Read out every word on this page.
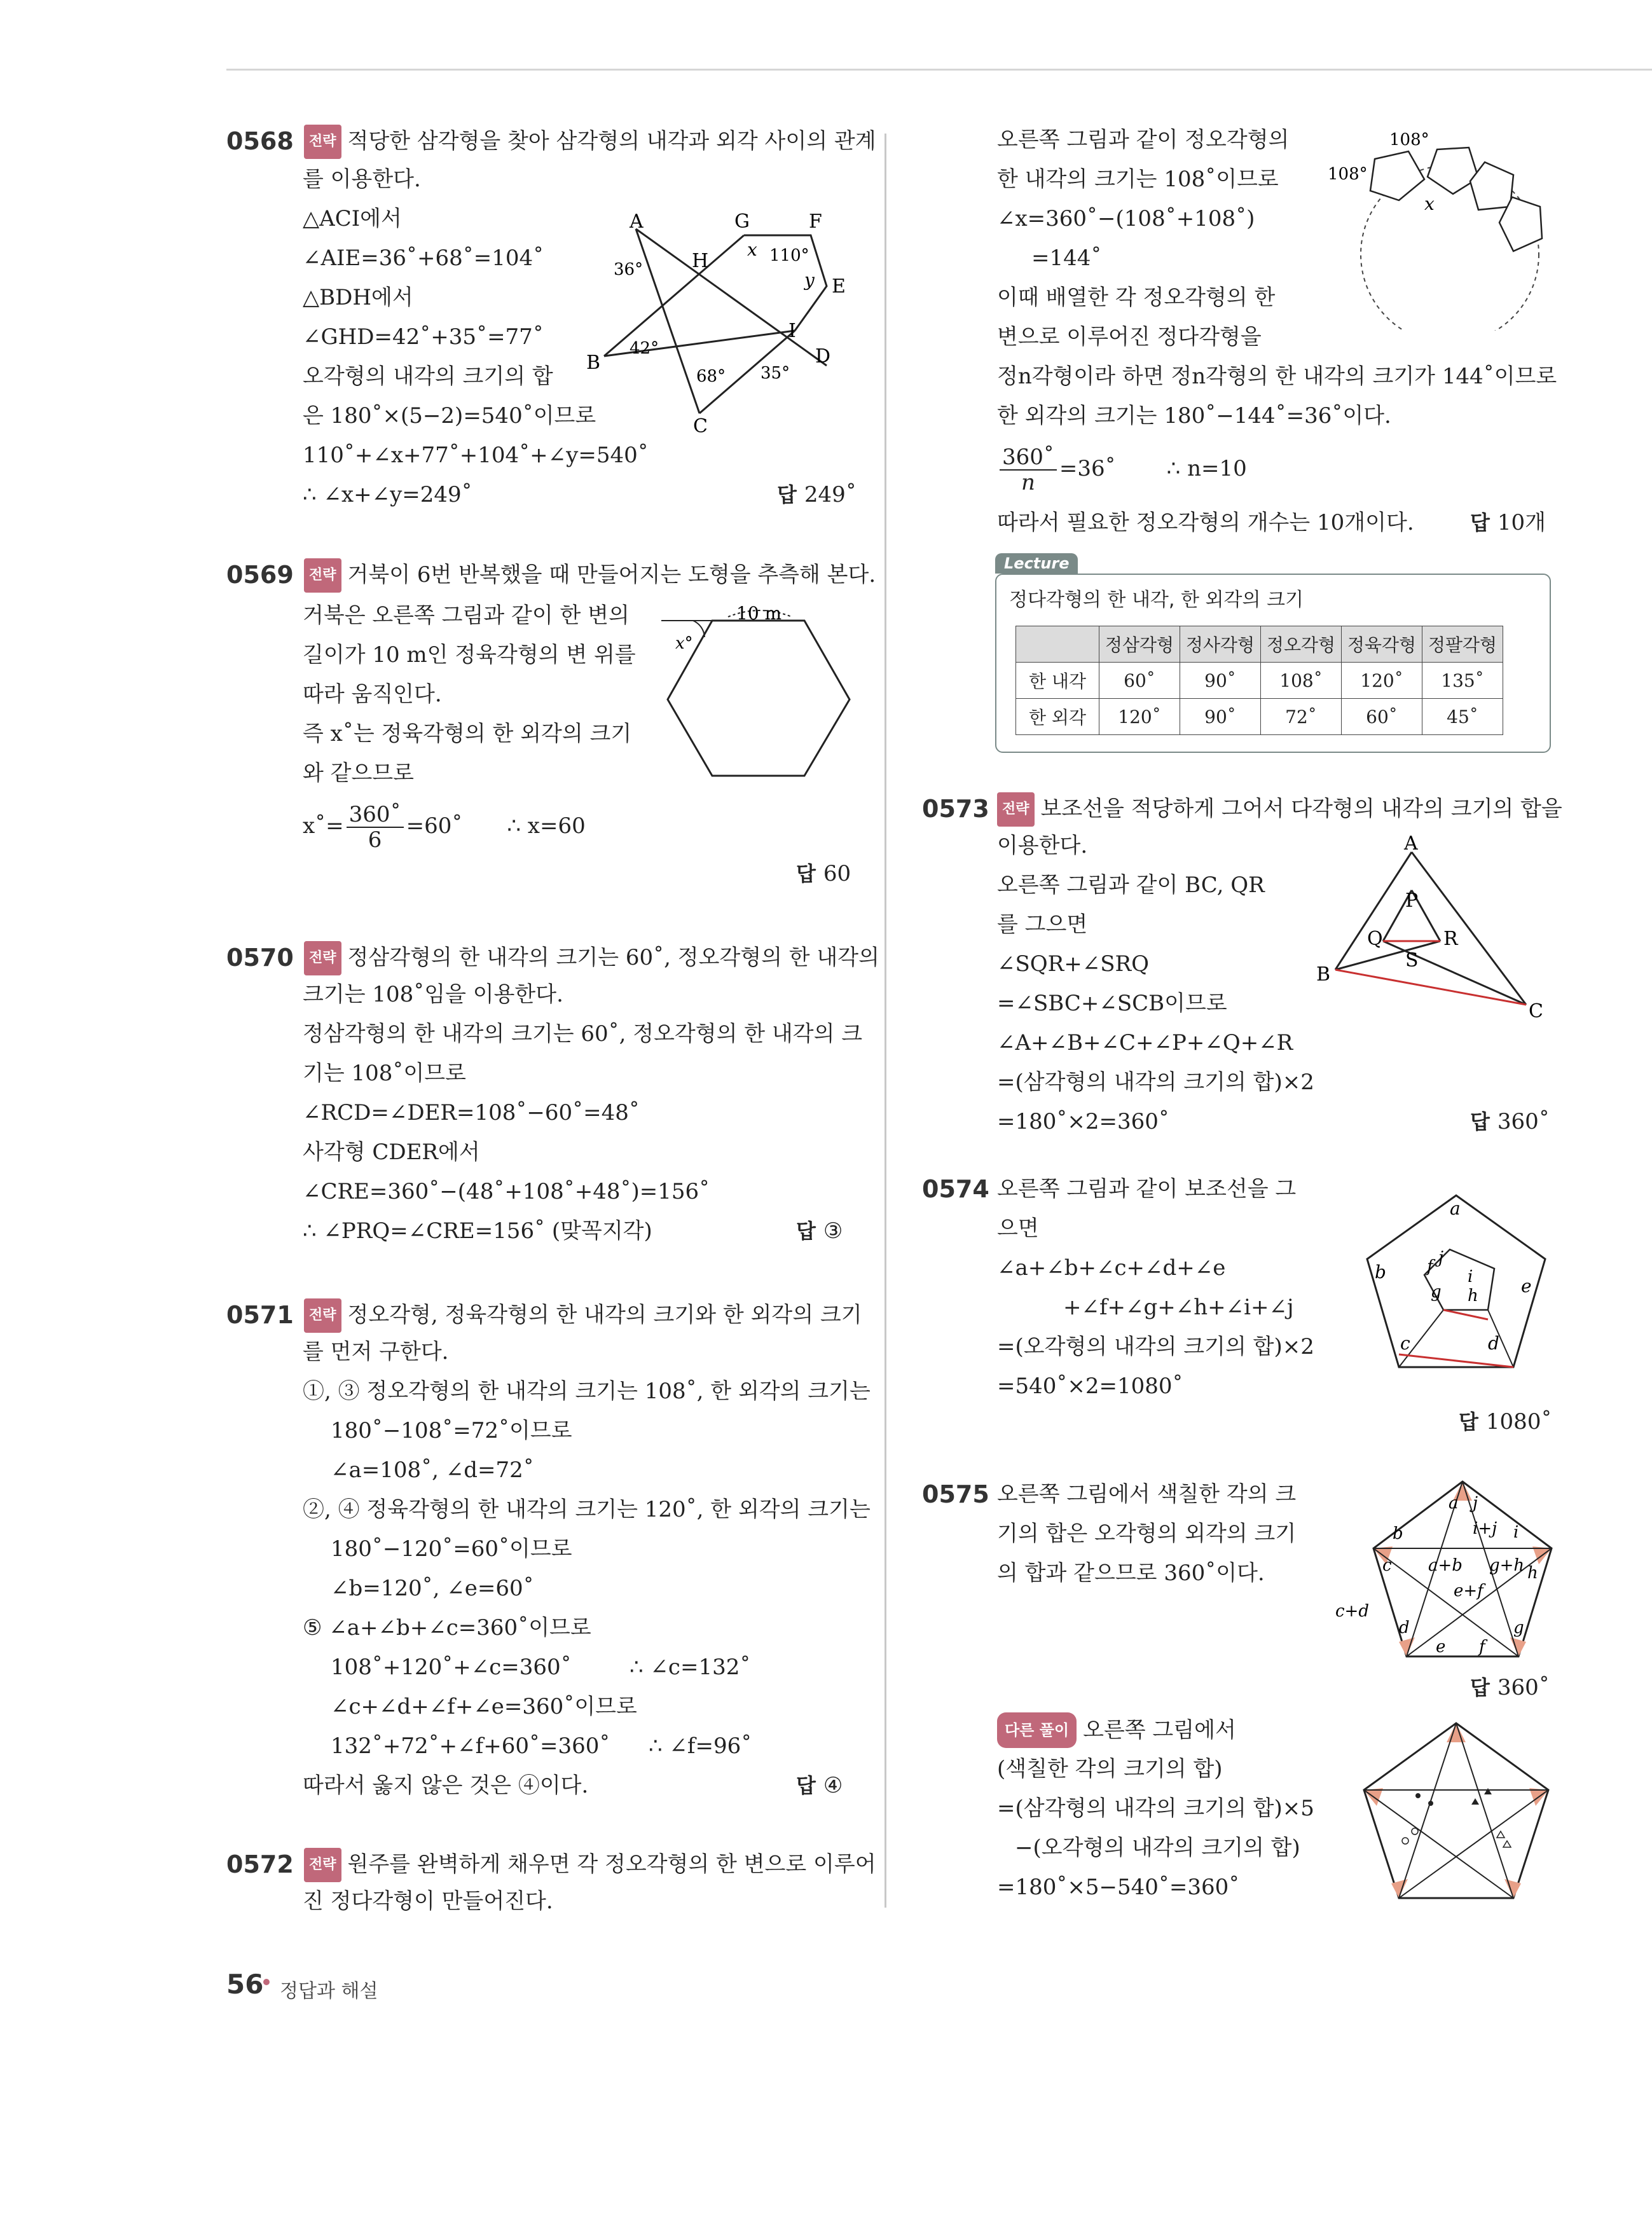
0568	전략 적당한 삼각형을 찾아 삼각형의 내각과 외각 사이의 관계
를 이용한다.
△ACI에서
∠AIE=36˚+68˚=104˚
△BDH에서
∠GHD=42˚+35˚=77˚
오각형의 내각의 크기의 합
은 180˚×(5−2)=540˚이므로
110˚+∠x+77˚+104˚+∠y=540˚
∴ ∠x+∠y=249˚	답 249˚
A	G	F
H
E
I
B	D
C
x
y
36°
110°
42°
68° 35°
0569	전략 거북이 6번 반복했을 때 만들어지는 도형을 추측해 본다.
거북은 오른쪽 그림과 같이 한 변의
길이가 10 m인 정육각형의 변 위를
따라 움직인다.
즉 x˚는 정육각형의 한 외각의 크기
와 같으므로
x˚= $\frac{360˚}{6}$ =60˚ ∴ x=60
답 60
10 m
x°
0570	전략 정삼각형의 한 내각의 크기는 60˚, 정오각형의 한 내각의
크기는 108˚임을 이용한다.
정삼각형의 한 내각의 크기는 60˚, 정오각형의 한 내각의 크
기는 108˚이므로
∠RCD=∠DER=108˚−60˚=48˚
사각형 CDER에서
∠CRE=360˚−(48˚+108˚+48˚)=156˚
∴ ∠PRQ=∠CRE=156˚ (맞꼭지각)	답 ③
0571	전략 정오각형, 정육각형의 한 내각의 크기와 한 외각의 크기
를 먼저 구한다.
①, ③ 정오각형의 한 내각의 크기는 108˚, 한 외각의 크기는
180˚−108˚=72˚이므로
∠a=108˚, ∠d=72˚
②, ④ 정육각형의 한 내각의 크기는 120˚, 한 외각의 크기는
180˚−120˚=60˚이므로
∠b=120˚, ∠e=60˚
⑤ ∠a+∠b+∠c=360˚이므로
108˚+120˚+∠c=360˚	∴ ∠c=132˚
∠c+∠d+∠f+∠e=360˚이므로
132˚+72˚+∠f+60˚=360˚ ∴ ∠f=96˚
따라서 옳지 않은 것은 ④이다.	답 ④
0572	전략 원주를 완벽하게 채우면 각 정오각형의 한 변으로 이루어
진 정다각형이 만들어진다.
오른쪽 그림과 같이 정오각형의
한 내각의 크기는 108˚이므로
∠x=360˚−(108˚+108˚)
=144˚
이때 배열한 각 정오각형의 한
변으로 이루어진 정다각형을
정n각형이라 하면 정n각형의 한 내각의 크기가 144˚이므로
한 외각의 크기는 180˚−144˚=36˚이다.
$\frac{360˚}{n}$ =36˚ ∴ n=10
따라서 필요한 정오각형의 개수는 10개이다.	답 10개
108°
108°
x
Lecture
정다각형의 한 내각, 한 외각의 크기
	정삼각형	정사각형	정오각형	정육각형	정팔각형
한 내각	60˚	90˚	108˚	120˚	135˚
한 외각	120˚	90˚	72˚	60˚	45˚
0573 전략 보조선을 적당하게 그어서 다각형의 내각의 크기의 합을
이용한다.
오른쪽 그림과 같이 BC, QR
를 그으면
∠SQR+∠SRQ
=∠SBC+∠SCB이므로
∠A+∠B+∠C+∠P+∠Q+∠R
=(삼각형의 내각의 크기의 합)×2
=180˚×2=360˚	답 360˚
A
P
Q	R
S
B
C
0574 오른쪽 그림과 같이 보조선을 그
으면
∠a+∠b+∠c+∠d+∠e
+∠f+∠g+∠h+∠i+∠j
=(오각형의 내각의 크기의 합)×2
=540˚×2=1080˚
답 1080˚
a
b
c	d
e
f
g h
i
j
0575 오른쪽 그림에서 색칠한 각의 크
기의 합은 오각형의 외각의 크기
의 합과 같으므로 360˚이다.
답 360˚
a j
i+j
b
c a+b g+h h
e+f
c+d
d	g
e f
i
다른 풀이 오른쪽 그림에서
(색칠한 각의 크기의 합)
=(삼각형의 내각의 크기의 합)×5
−(오각형의 내각의 크기의 합)
=180˚×5−540˚=360˚
56 정답과 해설
